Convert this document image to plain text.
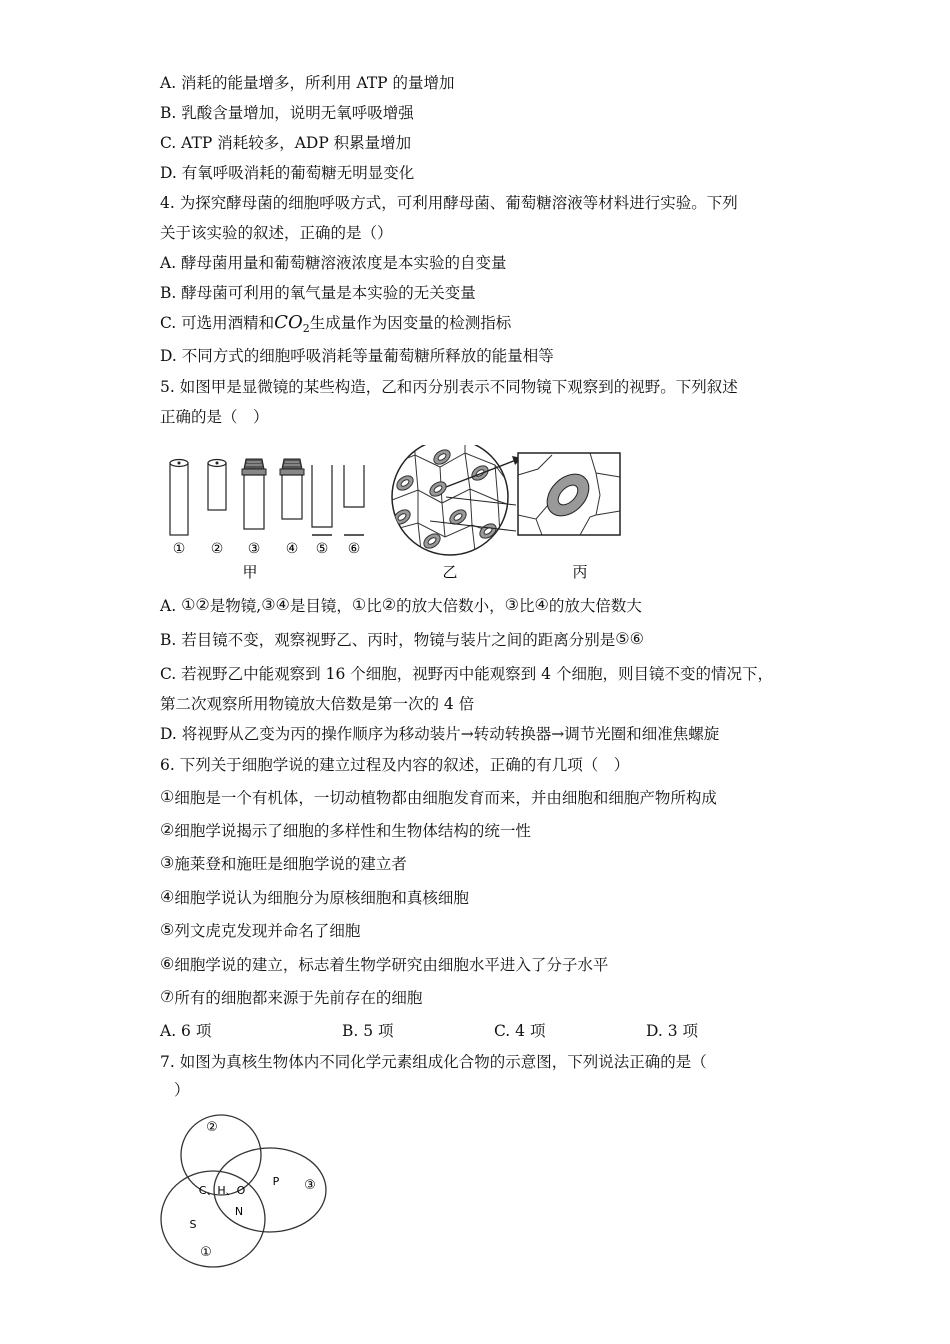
A. 消耗的能量增多，所利用 ATP 的量增加
B. 乳酸含量增加，说明无氧呼吸增强
C. ATP 消耗较多，ADP 积累量增加
D. 有氧呼吸消耗的葡萄糖无明显变化
4. 为探究酵母菌的细胞呼吸方式，可利用酵母菌、葡萄糖溶液等材料进行实验。下列
关于该实验的叙述，正确的是（）
A. 酵母菌用量和葡萄糖溶液浓度是本实验的自变量
B. 酵母菌可利用的氧气量是本实验的无关变量
C. 可选用酒精和$CO_2$生成量作为因变量的检测指标
D. 不同方式的细胞呼吸消耗等量葡萄糖所释放的能量相等
5. 如图甲是显微镜的某些构造，乙和丙分别表示不同物镜下观察到的视野。下列叙述
正确的是（　）
① ② ③ ④ ⑤ ⑥
甲	乙	丙
A. ①②是物镜,③④是目镜，①比②的放大倍数小，③比④的放大倍数大
B. 若目镜不变，观察视野乙、丙时，物镜与装片之间的距离分别是⑤⑥
C. 若视野乙中能观察到 16 个细胞，视野丙中能观察到 4 个细胞，则目镜不变的情况下，
第二次观察所用物镜放大倍数是第一次的 4 倍
D. 将视野从乙变为丙的操作顺序为移动装片→转动转换器→调节光圈和细准焦螺旋
6. 下列关于细胞学说的建立过程及内容的叙述，正确的有几项（　）
①细胞是一个有机体，一切动植物都由细胞发育而来，并由细胞和细胞产物所构成
②细胞学说揭示了细胞的多样性和生物体结构的统一性
③施莱登和施旺是细胞学说的建立者
④细胞学说认为细胞分为原核细胞和真核细胞
⑤列文虎克发现并命名了细胞
⑥细胞学说的建立，标志着生物学研究由细胞水平进入了分子水平
⑦所有的细胞都来源于先前存在的细胞
A. 6 项	B. 5 项	C. 4 项	D. 3 项
7. 如图为真核生物体内不同化学元素组成化合物的示意图，下列说法正确的是（
）
C、H、O
N
P
S
②
③
①
